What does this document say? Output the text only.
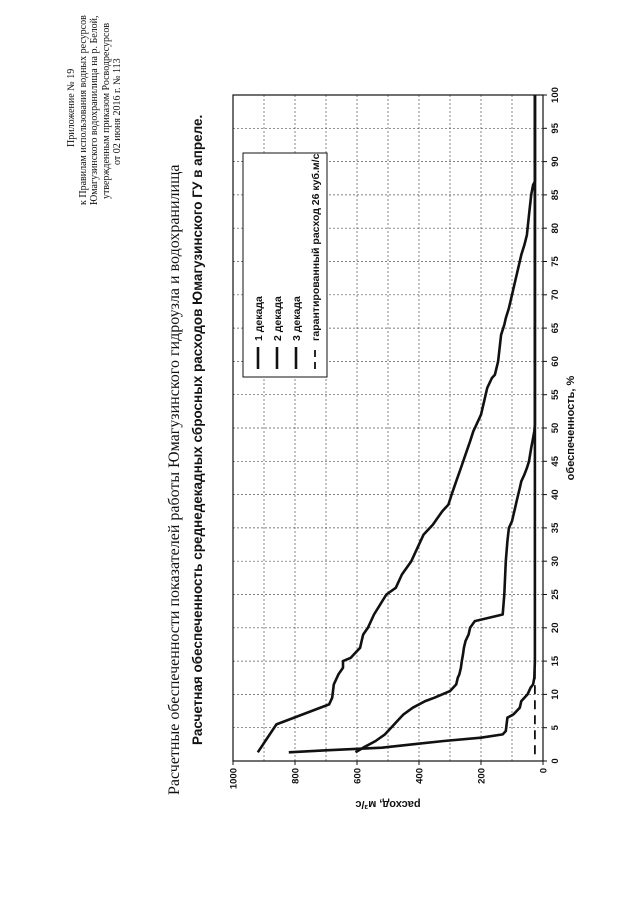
Приложение № 19 к Правилам использования водных ресурсов Юмагузинского водохранилища на р. Белой, утвержденным приказом Росводресурсов от 02 июня 2016 г. № 113
Расчетные обеспеченности показателей работы Юмагузинского гидроузла и водохранилища Расчетная обеспеченность среднедекадных сбросных расходов Юмагузинского ГУ в апреле.
0
5
10
15
20
25
30
35
40
45
50
55
60
65
70
75
80
85
90
95
100
0
200
400
600
800
1000
обеспеченность, %
расход, м³/с
1 декада 2 декада 3 декада гарантированный расход 26 куб.м/с
